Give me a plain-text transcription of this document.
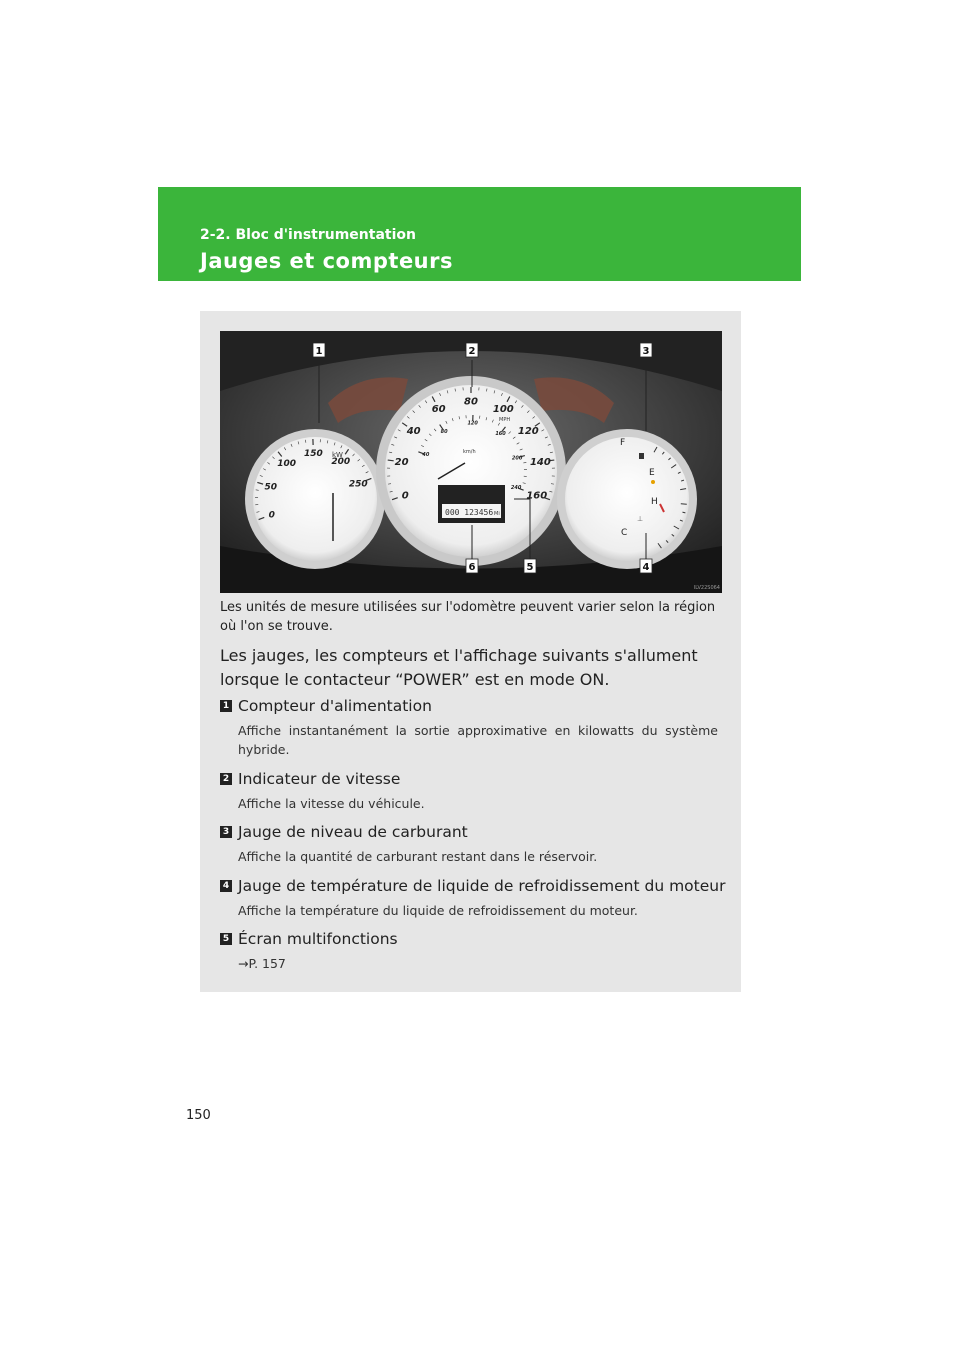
2-2. Bloc d'instrumentation
Jauges et compteurs
0
50
100
150
200
250
0
20
40
60
80
100
120
140
160
40
80
120
160
200
240
kW
MPH
km/h
000 123456 Mi
F
E
H
C
⊥
1	2	3
4
5
6
ILV22S064
Les unités de mesure utilisées sur l'odomètre peuvent varier selon la région où l'on se trouve.
Les jauges, les compteurs et l'affichage suivants s'allument lorsque le contacteur “POWER” est en mode ON.
1 Compteur d'alimentation
Affiche instantanément la sortie approximative en kilowatts du système hybride.
2 Indicateur de vitesse
Affiche la vitesse du véhicule.
3 Jauge de niveau de carburant
Affiche la quantité de carburant restant dans le réservoir.
4 Jauge de température de liquide de refroidissement du moteur
Affiche la température du liquide de refroidissement du moteur.
5 Écran multifonctions
→P. 157
150
